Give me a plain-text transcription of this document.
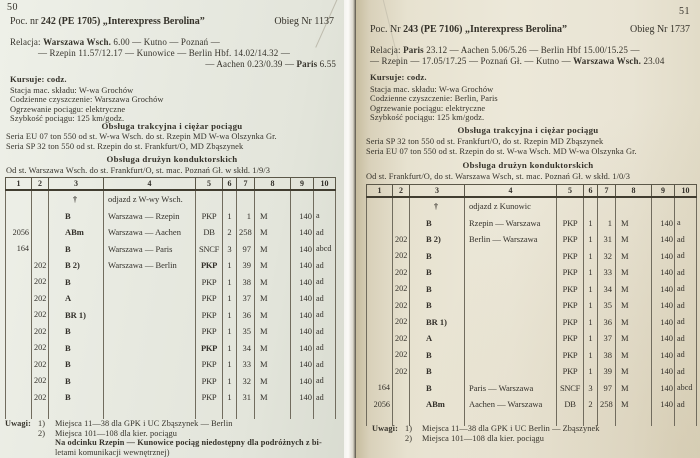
50
Poc. nr 242 (PE 1705) „Interexpress Berolina”	Obieg Nr 1137
Relacja: Warszawa Wsch. 6.00 — Kutno — Poznań —
— Rzepin 11.57/12.17 — Kunowice — Berlin Hbf. 14.02/14.32 —
— Aachen 0.23/0.39 — Paris 6.55
Kursuje: codz.
Stacja mac. składu: W-wa Grochów
Codzienne czyszczenie: Warszawa Grochów
Ogrzewanie pociągu: elektryczne
Szybkość pociągu: 125 km/godz.
Obsługa trakcyjna i ciężar pociągu
Seria EU 07 ton 550 od st. W-wa Wsch. do st. Rzepin MD W-wa Olszynka Gr.
Seria SP 32 ton 550 od st. Rzepin do st. Frankfurt/O, MD Zbąszynek
Obsługa drużyn konduktorskich
Od st. Warszawa Wsch. do st. Frankfurt/O, st. mac. Poznań Gł. w skłd. 1/9/3
1	2	3	4	5	6	7	8	9	10
		†	odjazd z W-wy Wsch.						
		B	Warszawa — Rzepin	PKP	1	1	M	140	a
2056		ABm	Warszawa — Aachen	DB	2	258	M	140	ad
164		B	Warszawa — Paris	SNCF	3	97	M	140	abcd
	202	B 2)	Warszawa — Berlin	PKP	1	39	M	140	ad
	202	B		PKP	1	38	M	140	ad
	202	A		PKP	1	37	M	140	ad
	202	BR 1)		PKP	1	36	M	140	ad
	202	B		PKP	1	35	M	140	ad
	202	B		PKP	1	34	M	140	ad
	202	B		PKP	1	33	M	140	ad
	202	B		PKP	1	32	M	140	ad
	202	B		PKP	1	31	M	140	ad

Uwagi: 1)	Miejsca 11—38 dla GPK i UC Zbąszynek — Berlin
2)	Miejsca 101—108 dla kier. pociągu
Na odcinku Rzepin — Kunowice pociąg niedostępny dla podróżnych z bi-
letami komunikacji wewnętrznej)
51
Poc. Nr 243 (PE 7106) „Interexpress Berolina”	Obieg Nr 1737
Relacja: Paris 23.12 — Aachen 5.06/5.26 — Berlin Hbf 15.00/15.25 —
— Rzepin — 17.05/17.25 — Poznań Gł. — Kutno — Warszawa Wsch. 23.04
Kursuje: codz.
Stacja mac. składu: W-wa Grochów
Codzienne czyszczenie: Berlin, Paris
Ogrzewanie pociągu: elektryczne
Szybkość pociągu: 125 km/godz.
Obsługa trakcyjna i ciężar pociągu
Seria SP 32 ton 550 od st. Frankfurt/O, do st. Rzepin MD Zbąszynek
Seria EU 07 ton 550 od st. Rzepin do st. W-wa Wsch. MD W-wa Olszynka Gr.
Obsługa drużyn konduktorskich
Od st. Frankfurt/O, do st. Warszawa Wsch, st. mac. Poznań Gł. w skłd. 1/0/3
1	2	3	4	5	6	7	8	9	10
		†	odjazd z Kunowic						
		B	Rzepin — Warszawa	PKP	1	1	M	140	a
	202	B 2)	Berlin — Warszawa	PKP	1	31	M	140	ad
	202	B		PKP	1	32	M	140	ad
	202	B		PKP	1	33	M	140	ad
	202	B		PKP	1	34	M	140	ad
	202	B		PKP	1	35	M	140	ad
	202	BR 1)		PKP	1	36	M	140	ad
	202	A		PKP	1	37	M	140	ad
	202	B		PKP	1	38	M	140	ad
	202	B		PKP	1	39	M	140	ad
164		B	Paris — Warszawa	SNCF	3	97	M	140	abcd
2056		ABm	Aachen — Warszawa	DB	2	258	M	140	ad

Uwagi: 1)	Miejsca 11—38 dla GPK i UC Berlin — Zbąszynek
2)	Miejsca 101—108 dla kier. pociągu
